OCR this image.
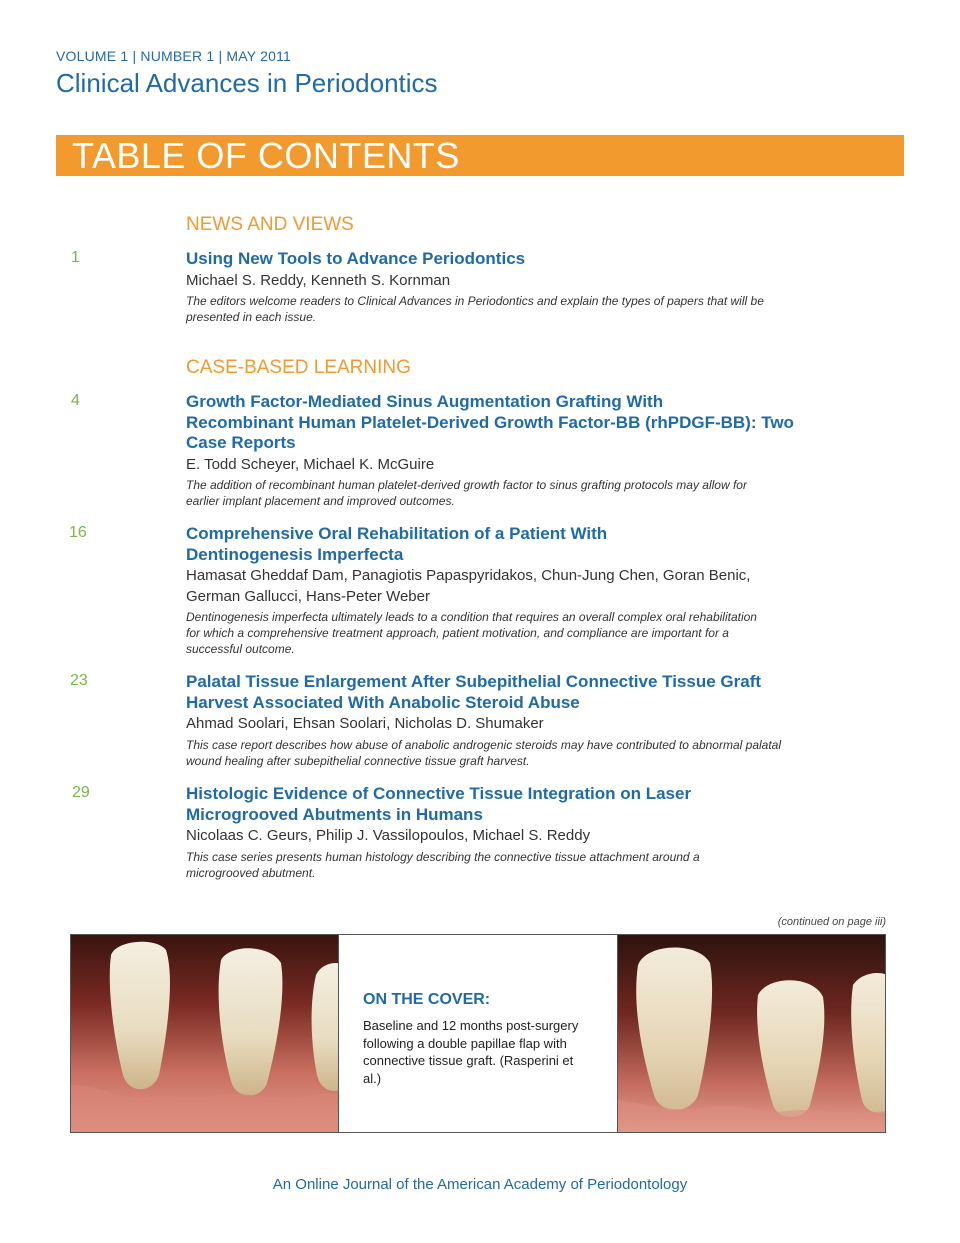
VOLUME 1 | NUMBER 1 | MAY 2011
Clinical Advances in Periodontics
TABLE OF CONTENTS
NEWS AND VIEWS
1	Using New Tools to Advance Periodontics
Michael S. Reddy, Kenneth S. Kornman
The editors welcome readers to Clinical Advances in Periodontics and explain the types of papers that will be presented in each issue.
CASE-BASED LEARNING
4	Growth Factor-Mediated Sinus Augmentation Grafting With
Recombinant Human Platelet-Derived Growth Factor-BB (rhPDGF-BB): Two
Case Reports
E. Todd Scheyer, Michael K. McGuire
The addition of recombinant human platelet-derived growth factor to sinus grafting protocols may allow for earlier implant placement and improved outcomes.
16	Comprehensive Oral Rehabilitation of a Patient With
Dentinogenesis Imperfecta
Hamasat Gheddaf Dam, Panagiotis Papaspyridakos, Chun-Jung Chen, Goran Benic, German Gallucci, Hans-Peter Weber
Dentinogenesis imperfecta ultimately leads to a condition that requires an overall complex oral rehabilitation for which a comprehensive treatment approach, patient motivation, and compliance are important for a successful outcome.
23	Palatal Tissue Enlargement After Subepithelial Connective Tissue Graft
Harvest Associated With Anabolic Steroid Abuse
Ahmad Soolari, Ehsan Soolari, Nicholas D. Shumaker
This case report describes how abuse of anabolic androgenic steroids may have contributed to abnormal palatal wound healing after subepithelial connective tissue graft harvest.
29	Histologic Evidence of Connective Tissue Integration on Laser
Microgrooved Abutments in Humans
Nicolaas C. Geurs, Philip J. Vassilopoulos, Michael S. Reddy
This case series presents human histology describing the connective tissue attachment around a microgrooved abutment.
(continued on page iii)
ON THE COVER:
Baseline and 12 months post-surgery following a double papillae flap with connective tissue graft. (Rasperini et al.)
An Online Journal of the American Academy of Periodontology
